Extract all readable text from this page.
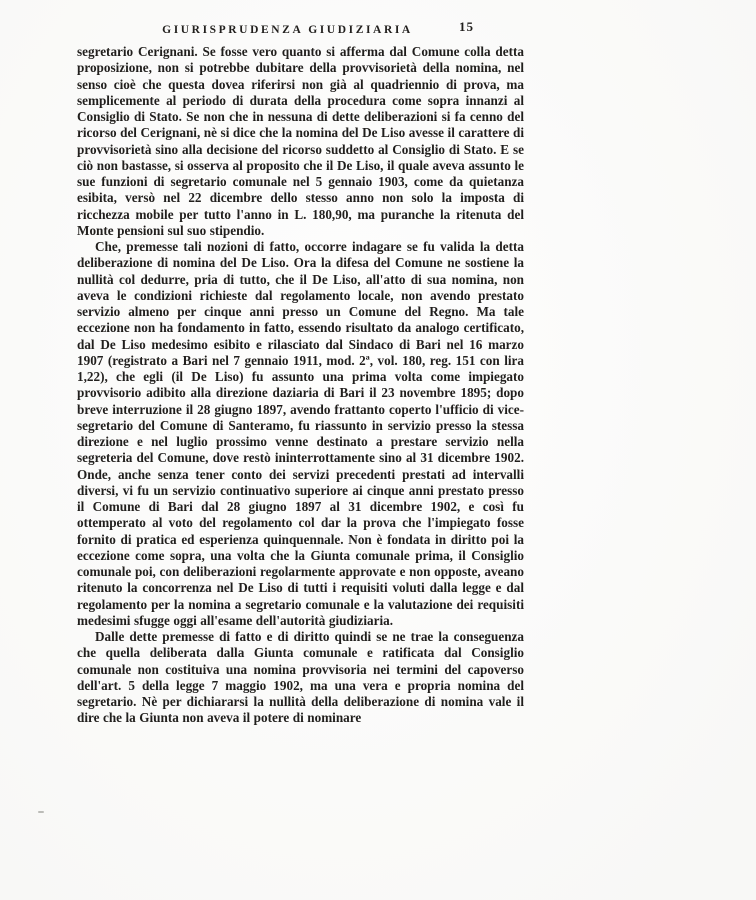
GIURISPRUDENZA GIUDIZIARIA	15

segretario Cerignani. Se fosse vero quanto si afferma dal Comune colla detta proposizione, non si potrebbe dubitare della provvisorietà della nomina, nel senso cioè che questa dovea riferirsi non già al quadriennio di prova, ma semplicemente al periodo di durata della procedura come sopra innanzi al Consiglio di Stato. Se non che in nessuna di dette deliberazioni si fa cenno del ricorso del Cerignani, nè si dice che la nomina del De Liso avesse il carattere di provvisorietà sino alla decisione del ricorso suddetto al Consiglio di Stato. E se ciò non bastasse, si osserva al proposito che il De Liso, il quale aveva assunto le sue funzioni di segretario comunale nel 5 gennaio 1903, come da quietanza esibita, versò nel 22 dicembre dello stesso anno non solo la imposta di ricchezza mobile per tutto l'anno in L. 180,90, ma puranche la ritenuta del Monte pensioni sul suo stipendio.

Che, premesse tali nozioni di fatto, occorre indagare se fu valida la detta deliberazione di nomina del De Liso. Ora la difesa del Comune ne sostiene la nullità col dedurre, pria di tutto, che il De Liso, all'atto di sua nomina, non aveva le condizioni richieste dal regolamento locale, non avendo prestato servizio almeno per cinque anni presso un Comune del Regno. Ma tale eccezione non ha fondamento in fatto, essendo risultato da analogo certificato, dal De Liso medesimo esibito e rilasciato dal Sindaco di Bari nel 16 marzo 1907 (registrato a Bari nel 7 gennaio 1911, mod. 2ª, vol. 180, reg. 151 con lira 1,22), che egli (il De Liso) fu assunto una prima volta come impiegato provvisorio adibito alla direzione daziaria di Bari il 23 novembre 1895; dopo breve interruzione il 28 giugno 1897, avendo frattanto coperto l'ufficio di vice-segretario del Comune di Santeramo, fu riassunto in servizio presso la stessa direzione e nel luglio prossimo venne destinato a prestare servizio nella segreteria del Comune, dove restò ininterrottamente sino al 31 dicembre 1902. Onde, anche senza tener conto dei servizi precedenti prestati ad intervalli diversi, vi fu un servizio continuativo superiore ai cinque anni prestato presso il Comune di Bari dal 28 giugno 1897 al 31 dicembre 1902, e così fu ottemperato al voto del regolamento col dar la prova che l'impiegato fosse fornito di pratica ed esperienza quinquennale. Non è fondata in diritto poi la eccezione come sopra, una volta che la Giunta comunale prima, il Consiglio comunale poi, con deliberazioni regolarmente approvate e non opposte, aveano ritenuto la concorrenza nel De Liso di tutti i requisiti voluti dalla legge e dal regolamento per la nomina a segretario comunale e la valutazione dei requisiti medesimi sfugge oggi all'esame dell'autorità giudiziaria.

Dalle dette premesse di fatto e di diritto quindi se ne trae la conseguenza che quella deliberata dalla Giunta comunale e ratificata dal Consiglio comunale non costituiva una nomina provvisoria nei termini del capoverso dell'art. 5 della legge 7 maggio 1902, ma una vera e propria nomina del segretario. Nè per dichiararsi la nullità della deliberazione di nomina vale il dire che la Giunta non aveva il potere di nominare
